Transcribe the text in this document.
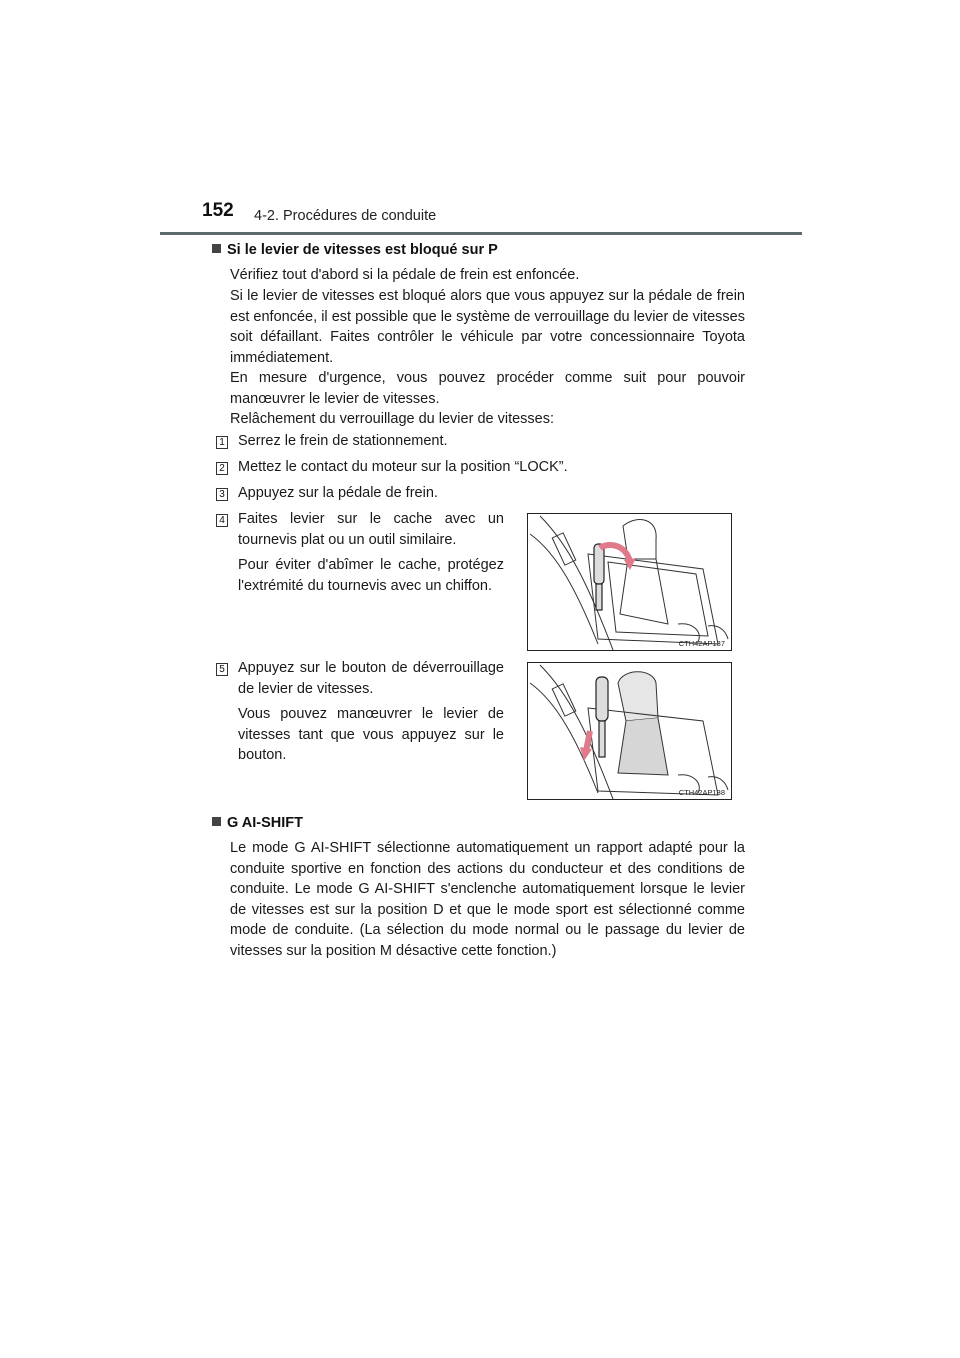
152 4-2. Procédures de conduite
Si le levier de vitesses est bloqué sur P

Vérifiez tout d'abord si la pédale de frein est enfoncée.

Si le levier de vitesses est bloqué alors que vous appuyez sur la pédale de frein est enfoncée, il est possible que le système de verrouillage du levier de vitesses soit défaillant. Faites contrôler le véhicule par votre concessionnaire Toyota immédiatement.

En mesure d'urgence, vous pouvez procéder comme suit pour pouvoir manœuvrer le levier de vitesses.

Relâchement du verrouillage du levier de vitesses:

1 Serrez le frein de stationnement.

2 Mettez le contact du moteur sur la position “LOCK”.

3 Appuyez sur la pédale de frein.

4 Faites levier sur le cache avec un tournevis plat ou un outil similaire.

Pour éviter d'abîmer le cache, protégez l'extrémité du tournevis avec un chiffon.

CTH42AP137
5 Appuyez sur le bouton de déverrouillage de levier de vitesses.

Vous pouvez manœuvrer le levier de vitesses tant que vous appuyez sur le bouton.

CTH42AP138
G AI-SHIFT

Le mode G AI-SHIFT sélectionne automatiquement un rapport adapté pour la conduite sportive en fonction des actions du conducteur et des conditions de conduite. Le mode G AI-SHIFT s'enclenche automatiquement lorsque le levier de vitesses est sur la position D et que le mode sport est sélectionné comme mode de conduite. (La sélection du mode normal ou le passage du levier de vitesses sur la position M désactive cette fonction.)
